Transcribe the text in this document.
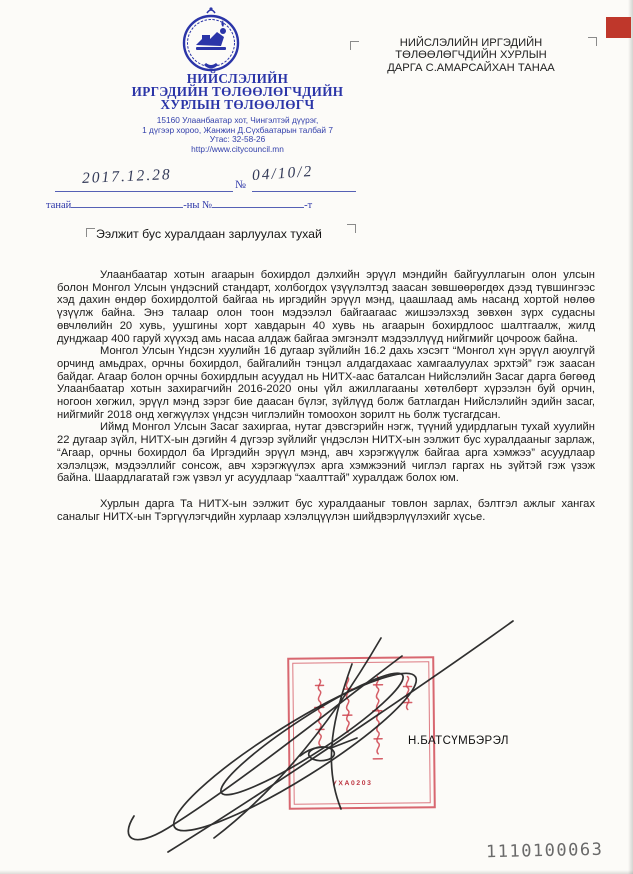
НИЙСЛЭЛИЙН
ИРГЭДИЙН ТӨЛӨӨЛӨГЧДИЙН
ХУРЛЫН ТӨЛӨӨЛӨГЧ
15160 Улаанбаатар хот, Чингэлтэй дүүрэг,
1 дүгээр хороо, Жанжин Д.Сүхбаатарын талбай 7
Утас: 32-58-26
http://www.citycouncil.mn
2017.12.28	№
04/10/2
танай	-ны №	-т
НИЙСЛЭЛИЙН ИРГЭДИЙН
ТӨЛӨӨЛӨГЧДИЙН ХУРЛЫН
ДАРГА С.АМАРСАЙХАН ТАНАА
Ээлжит бус хуралдаан зарлуулах тухай

Улаанбаатар хотын агаарын бохирдол дэлхийн эрүүл мэндийн байгууллагын олон улсын болон Монгол Улсын үндэсний стандарт, холбогдох үзүүлэлтэд заасан зөвшөөрөгдөх дээд түвшингээс хэд дахин өндөр бохирдолтой байгаа нь иргэдийн эрүүл мэнд, цаашлаад амь насанд хортой нөлөө үзүүлж байна. Энэ талаар олон тоон мэдээлэл байгаагаас жишээлэхэд зөвхөн зүрх судасны өвчлөлийн 20 хувь, уушгины хорт хавдарын 40 хувь нь агаарын бохирдлоос шалтгаалж, жилд дунджаар 400 гаруй хүүхэд амь насаа алдаж байгаа эмгэнэлт мэдээллүүд нийгмийг цочроож байна.

Монгол Улсын Үндсэн хуулийн 16 дугаар зүйлийн 16.2 дахь хэсэгт “Монгол хүн эрүүл аюулгүй орчинд амьдрах, орчны бохирдол, байгалийн тэнцэл алдагдахаас хамгаалуулах эрхтэй” гэж заасан байдаг. Агаар болон орчны бохирдлын асуудал нь НИТХ-аас баталсан Нийслэлийн Засаг дарга бөгөөд Улаанбаатар хотын захирагчийн 2016-2020 оны үйл ажиллагааны хөтөлбөрт хүрээлэн буй орчин, ногоон хөгжил, эрүүл мэнд зэрэг бие даасан бүлэг, зүйлүүд болж батлагдан Нийслэлийн эдийн засаг, нийгмийг 2018 онд хөгжүүлэх үндсэн чиглэлийн томоохон зорилт нь болж тусгагдсан.

Иймд Монгол Улсын Засаг захиргаа, нутаг дэвсгэрийн нэгж, түүний удирдлагын тухай хуулийн 22 дугаар зүйл, НИТХ-ын дэгийн 4 дүгээр зүйлийг үндэслэн НИТХ-ын ээлжит бус хуралдааныг зарлаж, “Агаар, орчны бохирдол ба Иргэдийн эрүүл мэнд, авч хэрэгжүүлж байгаа арга хэмжээ” асуудлаар хэлэлцэж, мэдээллийг сонсож, авч хэрэгжүүлэх арга хэмжээний чиглэл гаргах нь зүйтэй гэж үзэж байна. Шаардлагатай гэж үзвэл уг асуудлаар “хаалттай” хуралдаж болох юм.

Хурлын дарга Та НИТХ-ын ээлжит бус хуралдааныг товлон зарлах, бэлтгэл ажлыг хангах саналыг НИТХ-ын Тэргүүлэгчдийн хурлаар хэлэлцүүлэн шийдвэрлүүлэхийг хүсье.

УХА0203
Н.БАТСҮМБЭРЭЛ
1110100063
